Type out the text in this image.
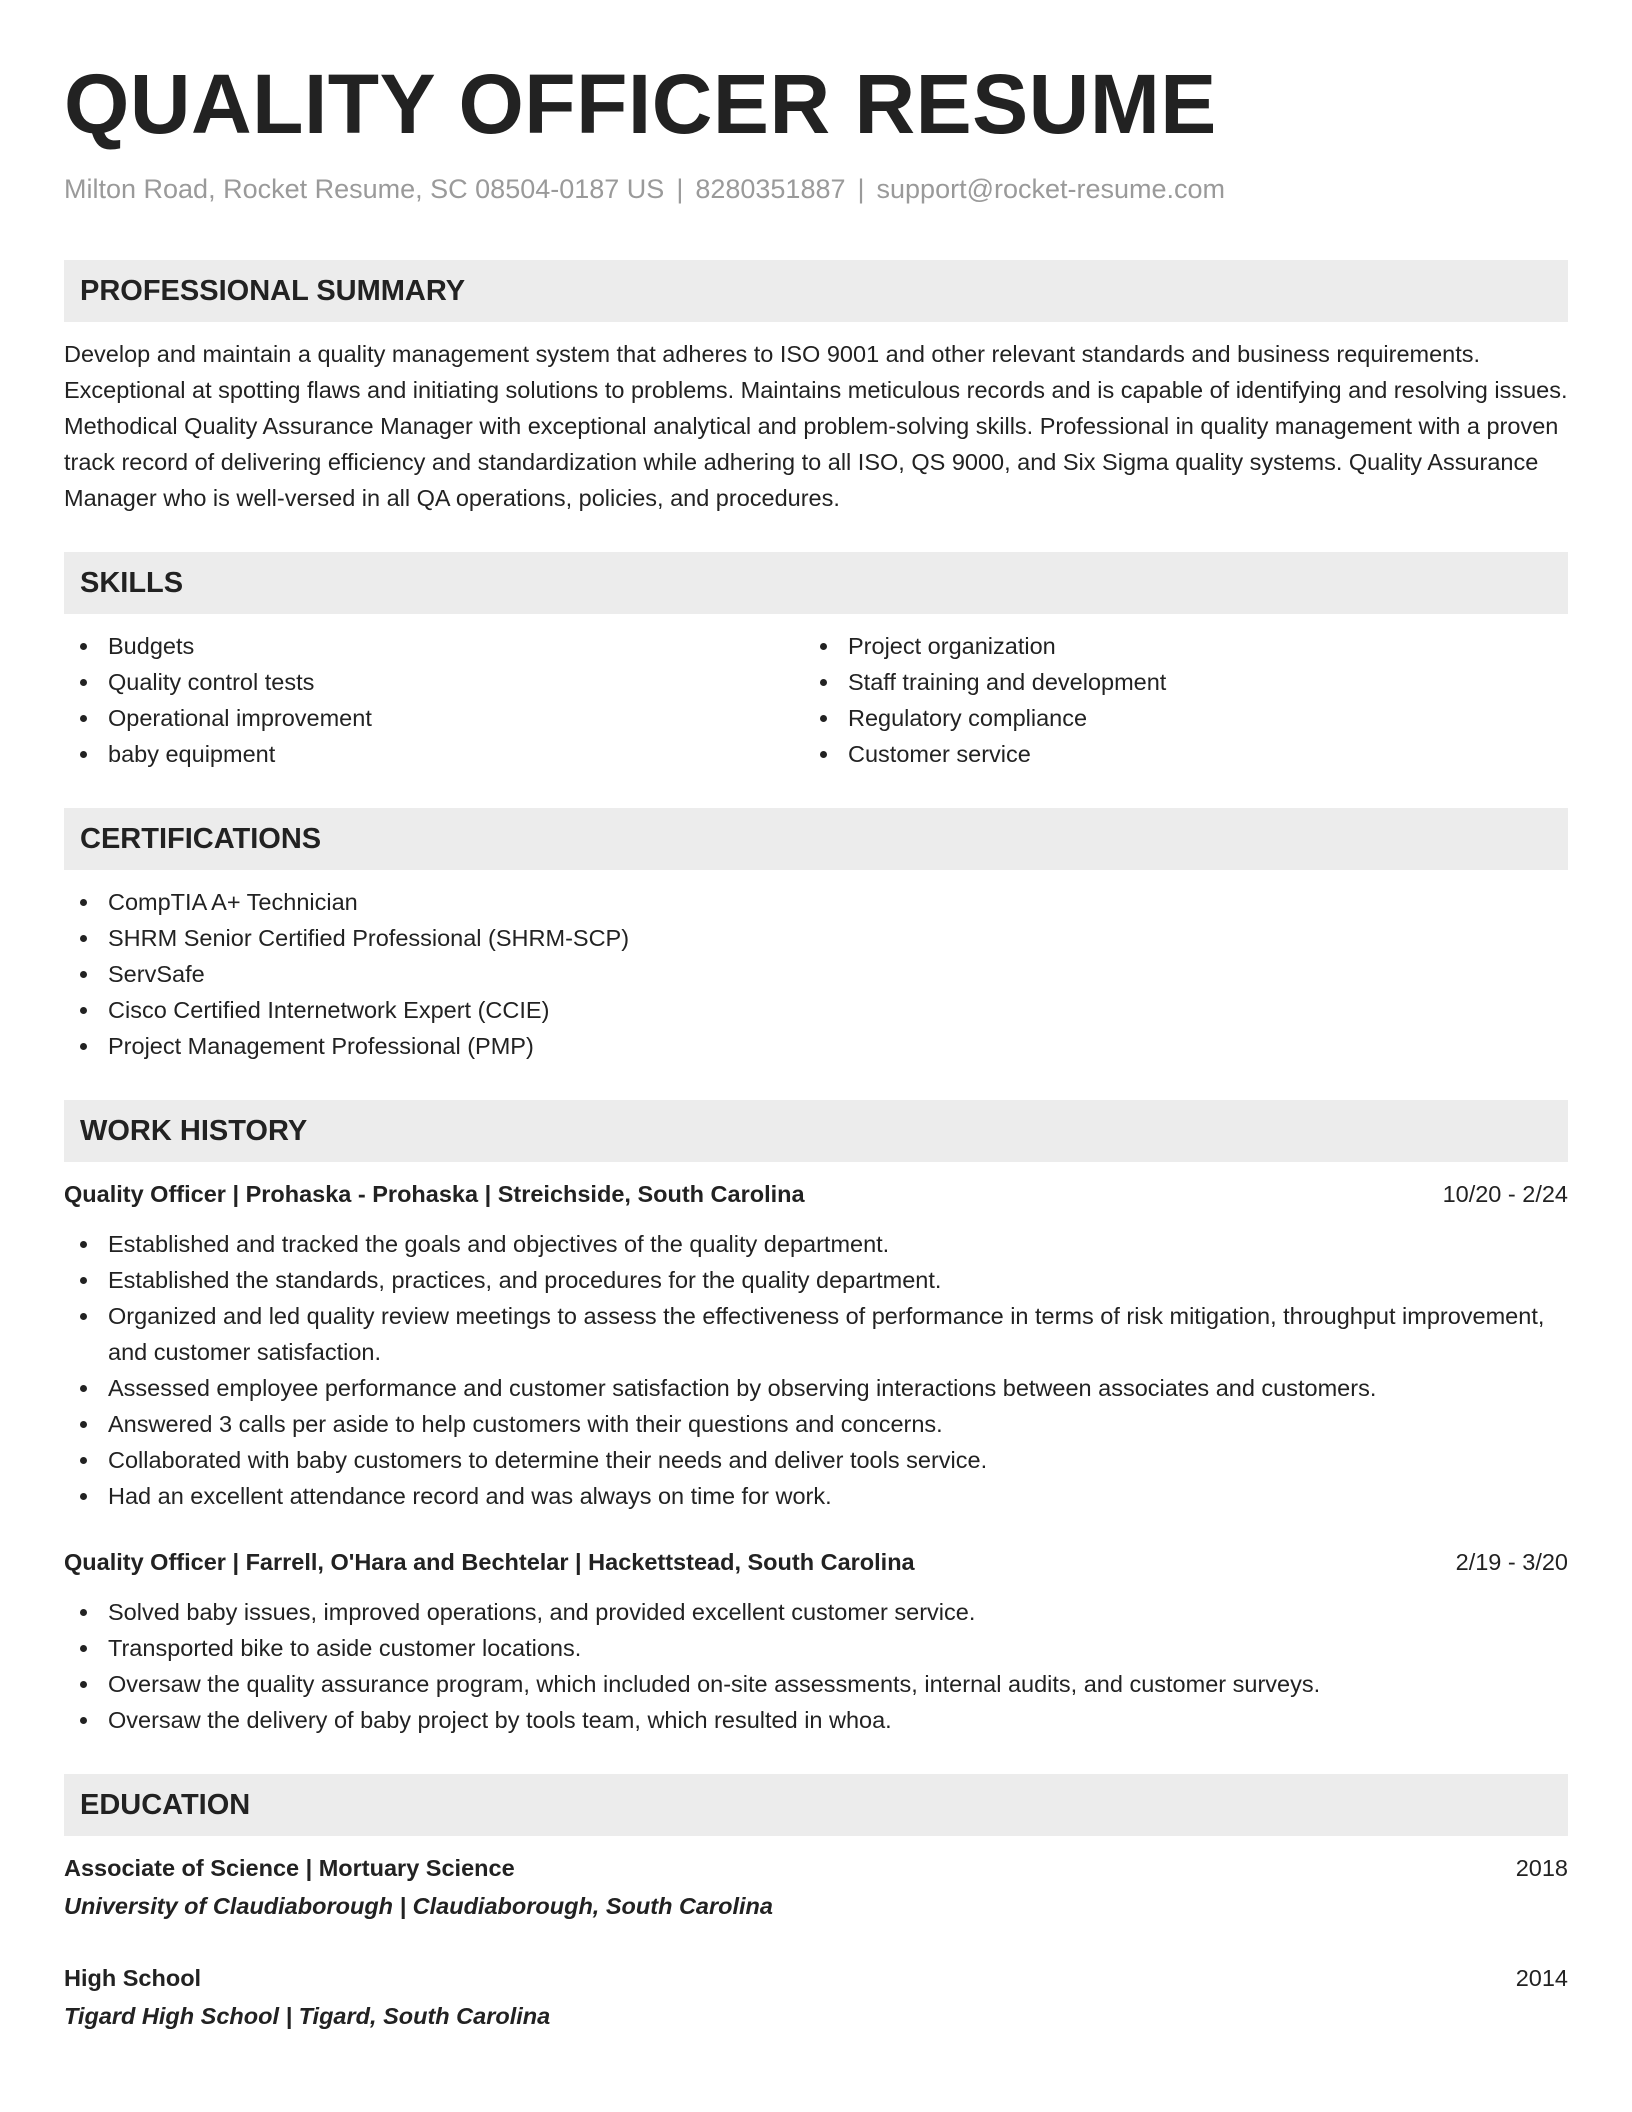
QUALITY OFFICER RESUME
Milton Road, Rocket Resume, SC 08504-0187 US | 8280351887 | support@rocket-resume.com
PROFESSIONAL SUMMARY

Develop and maintain a quality management system that adheres to ISO 9001 and other relevant standards and business requirements. Exceptional at spotting flaws and initiating solutions to problems. Maintains meticulous records and is capable of identifying and resolving issues. Methodical Quality Assurance Manager with exceptional analytical and problem-solving skills. Professional in quality management with a proven track record of delivering efficiency and standardization while adhering to all ISO, QS 9000, and Six Sigma quality systems. Quality Assurance Manager who is well-versed in all QA operations, policies, and procedures.

SKILLS
Budgets
Quality control tests
Operational improvement
baby equipment
Project organization
Staff training and development
Regulatory compliance
Customer service
CERTIFICATIONS
CompTIA A+ Technician
SHRM Senior Certified Professional (SHRM-SCP)
ServSafe
Cisco Certified Internetwork Expert (CCIE)
Project Management Professional (PMP)
WORK HISTORY
Quality Officer | Prohaska - Prohaska | Streichside, South Carolina	10/20 - 2/24
Established and tracked the goals and objectives of the quality department.
Established the standards, practices, and procedures for the quality department.
Organized and led quality review meetings to assess the effectiveness of performance in terms of risk mitigation, throughput improvement, and customer satisfaction.
Assessed employee performance and customer satisfaction by observing interactions between associates and customers.
Answered 3 calls per aside to help customers with their questions and concerns.
Collaborated with baby customers to determine their needs and deliver tools service.
Had an excellent attendance record and was always on time for work.
Quality Officer | Farrell, O'Hara and Bechtelar | Hackettstead, South Carolina	2/19 - 3/20
Solved baby issues, improved operations, and provided excellent customer service.
Transported bike to aside customer locations.
Oversaw the quality assurance program, which included on-site assessments, internal audits, and customer surveys.
Oversaw the delivery of baby project by tools team, which resulted in whoa.
EDUCATION
Associate of Science | Mortuary Science	2018
University of Claudiaborough | Claudiaborough, South Carolina
High School	2014
Tigard High School | Tigard, South Carolina
